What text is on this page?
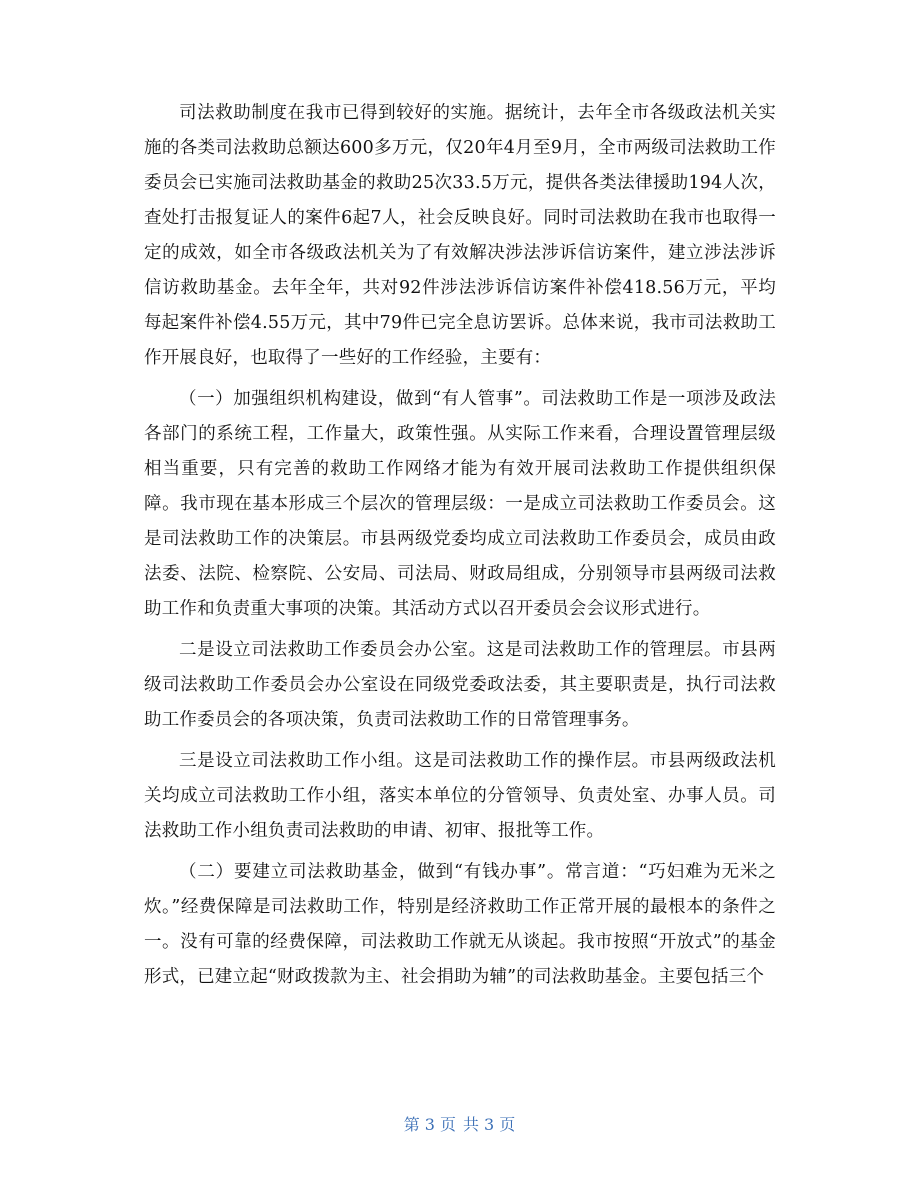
司法救助制度在我市已得到较好的实施。据统计，去年全市各级政法机关实施的各类司法救助总额达600多万元，仅20年4月至9月，全市两级司法救助工作委员会已实施司法救助基金的救助25次33.5万元，提供各类法律援助194人次，查处打击报复证人的案件6起7人，社会反映良好。同时司法救助在我市也取得一定的成效，如全市各级政法机关为了有效解决涉法涉诉信访案件，建立涉法涉诉信访救助基金。去年全年，共对92件涉法涉诉信访案件补偿418.56万元，平均每起案件补偿4.55万元，其中79件已完全息访罢诉。总体来说，我市司法救助工作开展良好，也取得了一些好的工作经验，主要有：

（一）加强组织机构建设，做到“有人管事”。司法救助工作是一项涉及政法各部门的系统工程，工作量大，政策性强。从实际工作来看，合理设置管理层级相当重要，只有完善的救助工作网络才能为有效开展司法救助工作提供组织保障。我市现在基本形成三个层次的管理层级：一是成立司法救助工作委员会。这是司法救助工作的决策层。市县两级党委均成立司法救助工作委员会，成员由政法委、法院、检察院、公安局、司法局、财政局组成，分别领导市县两级司法救助工作和负责重大事项的决策。其活动方式以召开委员会会议形式进行。

二是设立司法救助工作委员会办公室。这是司法救助工作的管理层。市县两级司法救助工作委员会办公室设在同级党委政法委，其主要职责是，执行司法救助工作委员会的各项决策，负责司法救助工作的日常管理事务。

三是设立司法救助工作小组。这是司法救助工作的操作层。市县两级政法机关均成立司法救助工作小组，落实本单位的分管领导、负责处室、办事人员。司法救助工作小组负责司法救助的申请、初审、报批等工作。

（二）要建立司法救助基金，做到“有钱办事”。常言道：“巧妇难为无米之炊。”经费保障是司法救助工作，特别是经济救助工作正常开展的最根本的条件之一。没有可靠的经费保障，司法救助工作就无从谈起。我市按照“开放式”的基金形式，已建立起“财政拨款为主、社会捐助为辅”的司法救助基金。主要包括三个

第 3 页 共 3 页
